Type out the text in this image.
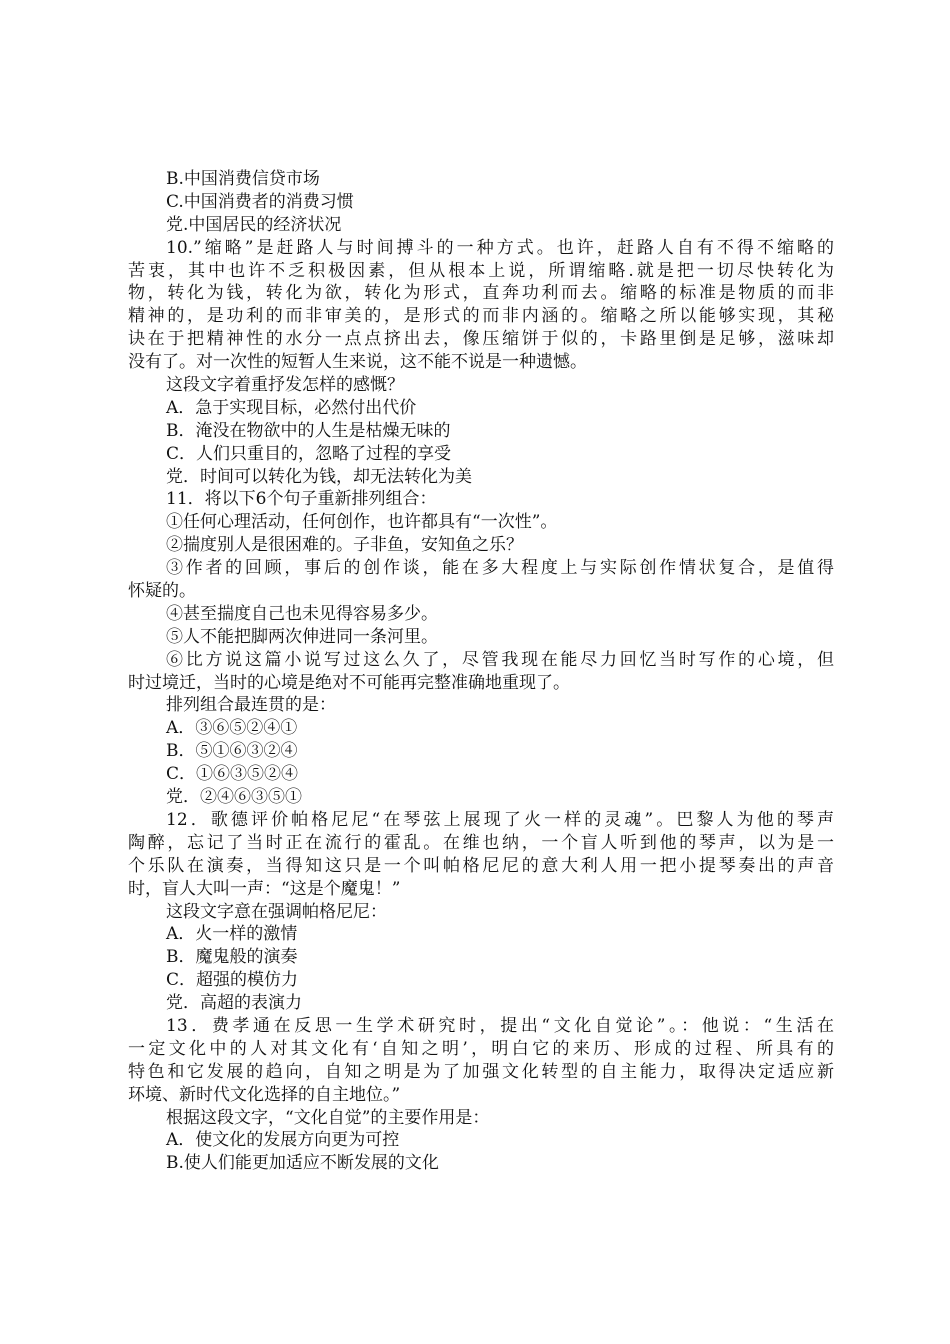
B.中国消费信贷市场
C.中国消费者的消费习惯
党.中国居民的经济状况
10.”缩略”是赶路人与时间搏斗的一种方式。也许，赶路人自有不得不缩略的
苦衷，其中也许不乏积极因素，但从根本上说，所谓缩略.就是把一切尽快转化为
物，转化为钱，转化为欲，转化为形式，直奔功利而去。缩略的标准是物质的而非
精神的，是功利的而非审美的，是形式的而非内涵的。缩略之所以能够实现，其秘
诀在于把精神性的水分一点点挤出去，像压缩饼于似的，卡路里倒是足够，滋味却
没有了。对一次性的短暂人生来说，这不能不说是一种遗憾。
这段文字着重抒发怎样的感慨？
A．急于实现目标，必然付出代价
B．淹没在物欲中的人生是枯燥无味的
C．人们只重目的，忽略了过程的享受
党．时间可以转化为钱，却无法转化为美
11．将以下6个句子重新排列组合：
①任何心理活动，任何创作，也许都具有“一次性”。
②揣度别人是很困难的。子非鱼，安知鱼之乐？
③作者的回顾，事后的创作谈，能在多大程度上与实际创作情状复合，是值得
怀疑的。
④甚至揣度自己也未见得容易多少。
⑤人不能把脚两次伸进同一条河里。
⑥比方说这篇小说写过这么久了，尽管我现在能尽力回忆当时写作的心境，但
时过境迁，当时的心境是绝对不可能再完整准确地重现了。
排列组合最连贯的是：
A．③⑥⑤②④①
B．⑤①⑥③②④
C．①⑥③⑤②④
党．②④⑥③⑤①
12．歌德评价帕格尼尼“在琴弦上展现了火一样的灵魂”。巴黎人为他的琴声
陶醉，忘记了当时正在流行的霍乱。在维也纳，一个盲人听到他的琴声，以为是一
个乐队在演奏，当得知这只是一个叫帕格尼尼的意大利人用一把小提琴奏出的声音
时，盲人大叫一声：“这是个魔鬼！”
这段文字意在强调帕格尼尼：
A．火一样的激情
B．魔鬼般的演奏
C．超强的模仿力
党．高超的表演力
13．费孝通在反思一生学术研究时，提出“文化自觉论”。：他说：“生活在
一定文化中的人对其文化有‘自知之明’，明白它的来历、形成的过程、所具有的
特色和它发展的趋向，自知之明是为了加强文化转型的自主能力，取得决定适应新
环境、新时代文化选择的自主地位。”
根据这段文字，“文化自觉”的主要作用是：
A．使文化的发展方向更为可控
B.使人们能更加适应不断发展的文化
